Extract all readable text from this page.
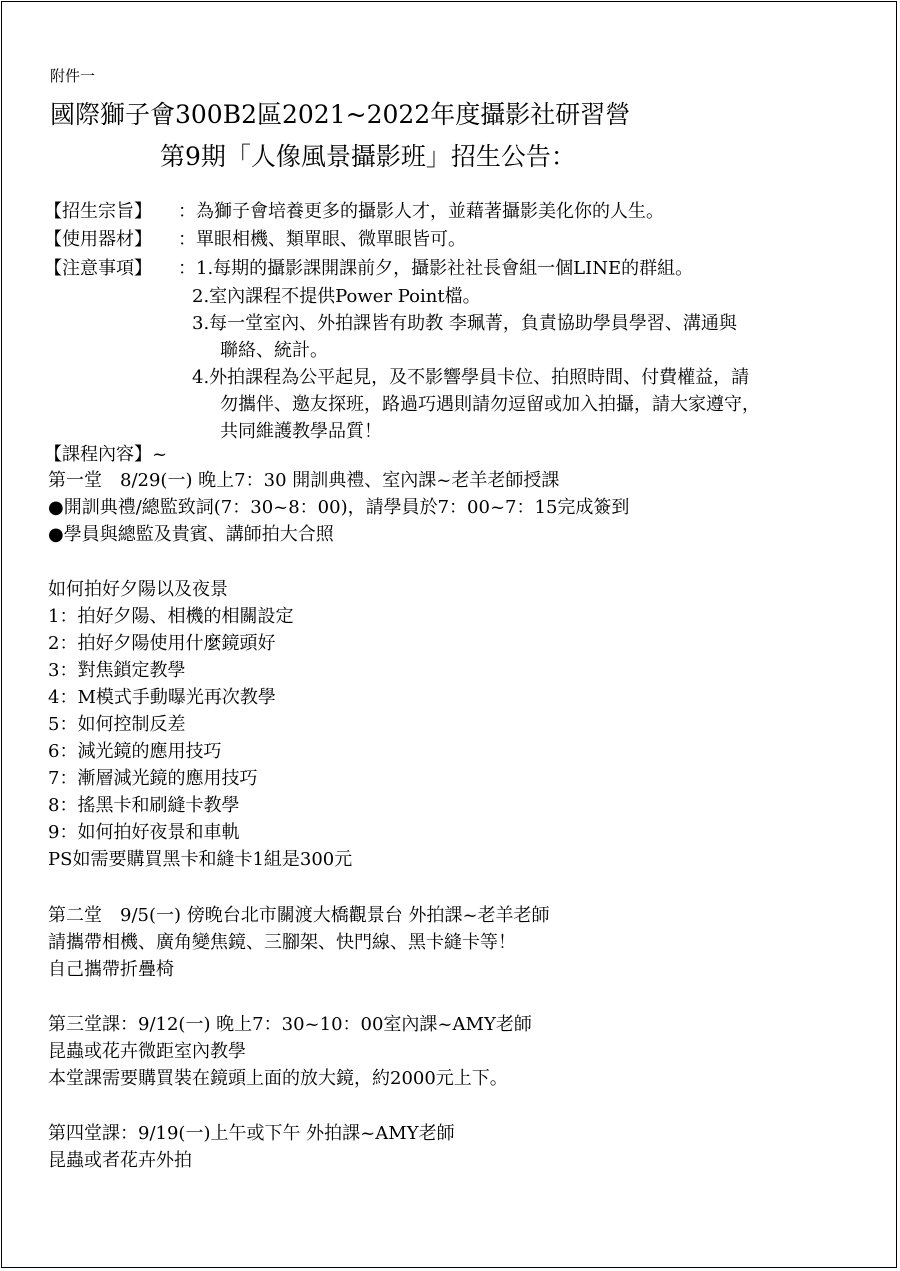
附件一
國際獅子會300B2區2021~2022年度攝影社研習營
第9期「人像風景攝影班」招生公告：
【招生宗旨】 ：為獅子會培養更多的攝影人才，並藉著攝影美化你的人生。
【使用器材】 ：單眼相機、類單眼、微單眼皆可。
【注意事項】 ：1.每期的攝影課開課前夕，攝影社社長會組一個LINE的群組。
2.室內課程不提供Power Point檔。
3.每一堂室內、外拍課皆有助教 李珮菁，負責協助學員學習、溝通與
聯絡、統計。
4.外拍課程為公平起見，及不影響學員卡位、拍照時間、付費權益，請
勿攜伴、邀友探班，路過巧遇則請勿逗留或加入拍攝，請大家遵守，
共同維護教學品質！
【課程內容】~
第一堂　8/29(一) 晚上7：30 開訓典禮、室內課~老羊老師授課
●開訓典禮/總監致詞(7：30~8：00)，請學員於7：00~7：15完成簽到
●學員與總監及貴賓、講師拍大合照
如何拍好夕陽以及夜景
1：拍好夕陽、相機的相關設定
2：拍好夕陽使用什麼鏡頭好
3：對焦鎖定教學
4：M模式手動曝光再次教學
5：如何控制反差
6：減光鏡的應用技巧
7：漸層減光鏡的應用技巧
8：搖黑卡和刷縫卡教學
9：如何拍好夜景和車軌
PS如需要購買黑卡和縫卡1組是300元
第二堂　9/5(一) 傍晚台北市關渡大橋觀景台 外拍課~老羊老師
請攜帶相機、廣角變焦鏡、三腳架、快門線、黑卡縫卡等！
自己攜帶折疊椅
第三堂課：9/12(一) 晚上7：30~10：00室內課~AMY老師
昆蟲或花卉微距室內教學
本堂課需要購買裝在鏡頭上面的放大鏡，約2000元上下。
第四堂課：9/19(一)上午或下午 外拍課~AMY老師
昆蟲或者花卉外拍
